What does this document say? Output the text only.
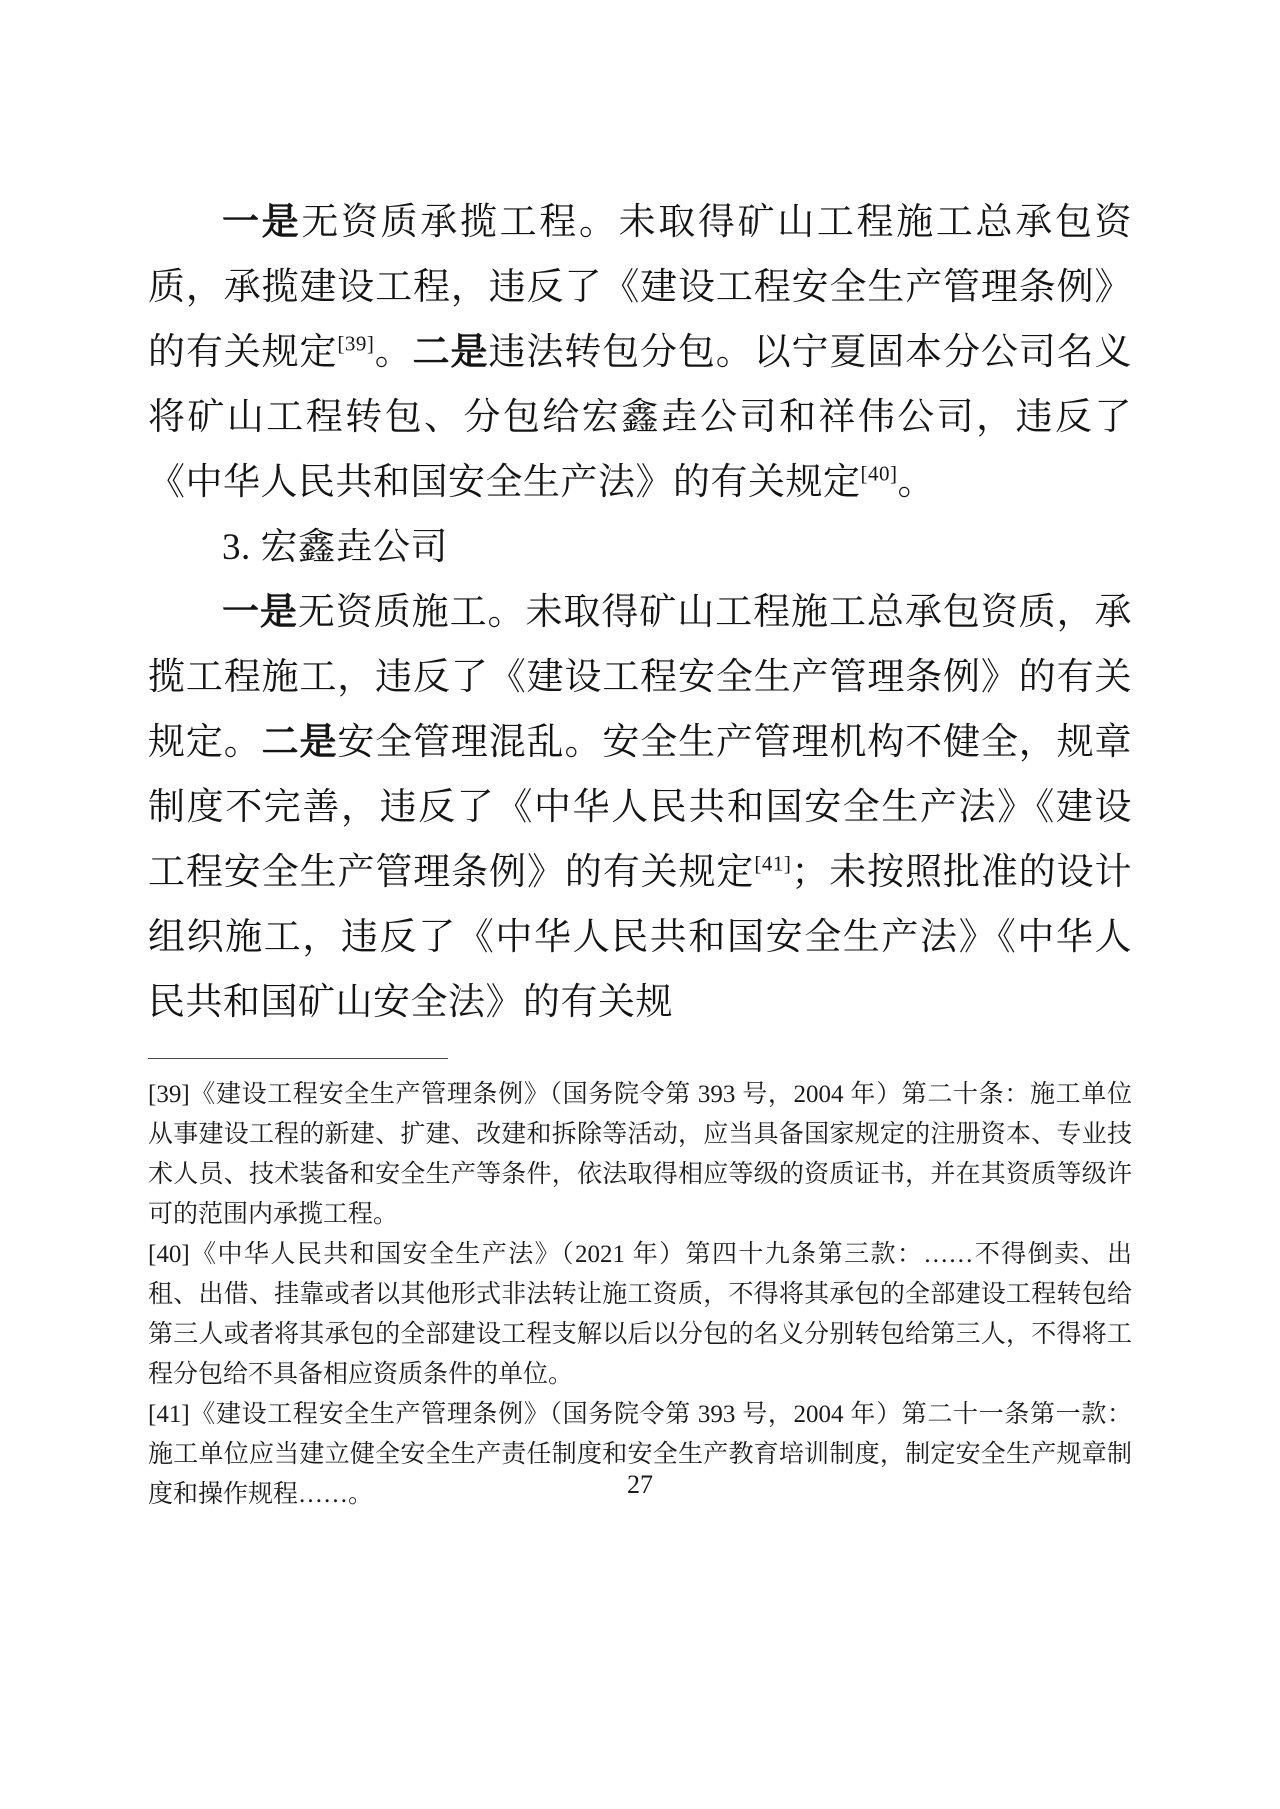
一是无资质承揽工程。未取得矿山工程施工总承包资质，承揽建设工程，违反了《建设工程安全生产管理条例》的有关规定[39]。二是违法转包分包。以宁夏固本分公司名义将矿山工程转包、分包给宏鑫垚公司和祥伟公司，违反了《中华人民共和国安全生产法》的有关规定[40]。

3. 宏鑫垚公司

一是无资质施工。未取得矿山工程施工总承包资质，承揽工程施工，违反了《建设工程安全生产管理条例》的有关规定。二是安全管理混乱。安全生产管理机构不健全，规章制度不完善，违反了《中华人民共和国安全生产法》《建设工程安全生产管理条例》的有关规定[41]；未按照批准的设计组织施工，违反了《中华人民共和国安全生产法》《中华人民共和国矿山安全法》的有关规

[39]《建设工程安全生产管理条例》（国务院令第 393 号，2004 年）第二十条：施工单位从事建设工程的新建、扩建、改建和拆除等活动，应当具备国家规定的注册资本、专业技术人员、技术装备和安全生产等条件，依法取得相应等级的资质证书，并在其资质等级许可的范围内承揽工程。

[40]《中华人民共和国安全生产法》（2021 年）第四十九条第三款：……不得倒卖、出租、出借、挂靠或者以其他形式非法转让施工资质，不得将其承包的全部建设工程转包给第三人或者将其承包的全部建设工程支解以后以分包的名义分别转包给第三人，不得将工程分包给不具备相应资质条件的单位。

[41]《建设工程安全生产管理条例》（国务院令第 393 号，2004 年）第二十一条第一款：施工单位应当建立健全安全生产责任制度和安全生产教育培训制度，制定安全生产规章制度和操作规程……。	27
